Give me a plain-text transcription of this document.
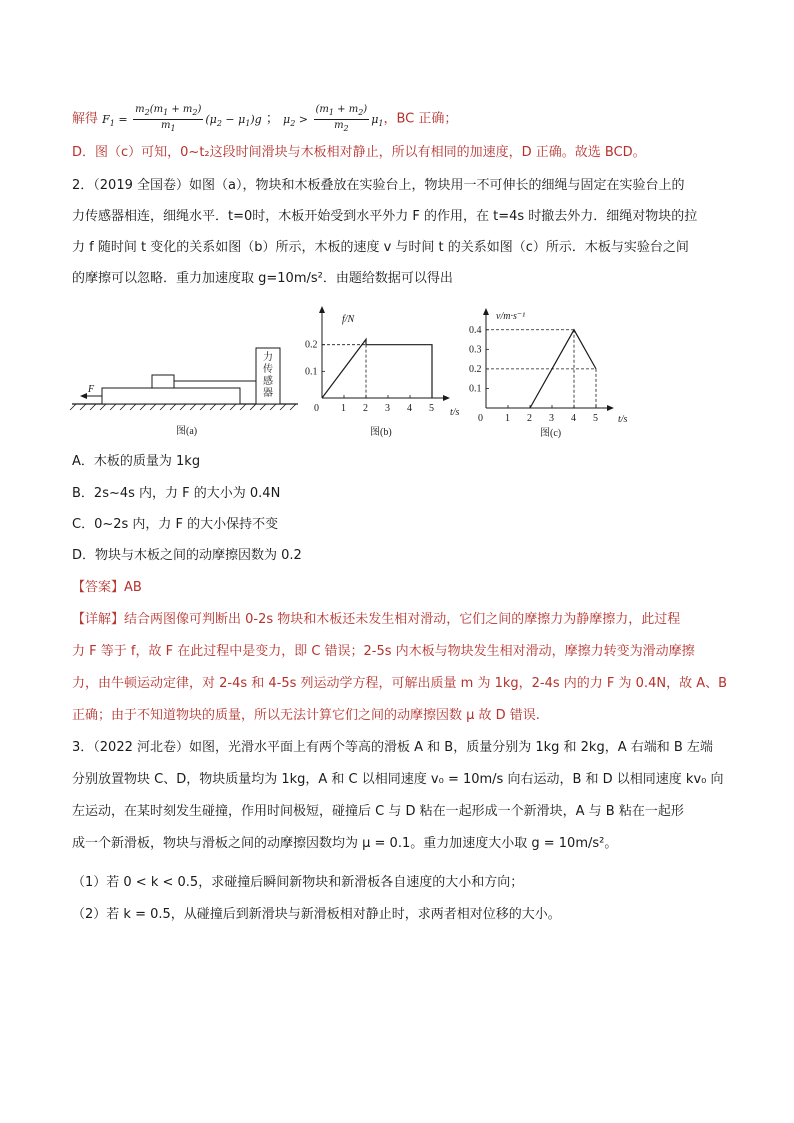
解得 $F_1 = \frac{m_2(m_1 + m_2)}{m_1} (\mu_2 - \mu_1)g$ ； $\mu_2 > \frac{(m_1 + m_2)}{m_2} \mu_1$，BC 正确；
D．图（c）可知，0~t₂这段时间滑块与木板相对静止，所以有相同的加速度，D 正确。故选 BCD。
2．（2019 全国卷）如图（a），物块和木板叠放在实验台上，物块用一不可伸长的细绳与固定在实验台上的
力传感器相连，细绳水平．t=0时，木板开始受到水平外力 F 的作用，在 t=4s 时撤去外力．细绳对物块的拉
力 f 随时间 t 变化的关系如图（b）所示，木板的速度 v 与时间 t 的关系如图（c）所示．木板与实验台之间
的摩擦可以忽略．重力加速度取 g=10m/s²．由题给数据可以得出
力
传
感
器
F
图(a)
f/N
t/s
图(b)
0 1 2 3 4 5
0.1
0.2
v/m·s⁻¹
t/s
图(c)
0 1 2 3 4 5
0.1
0.2
0.3
0.4
A．木板的质量为 1kg
B．2s~4s 内，力 F 的大小为 0.4N
C．0~2s 内，力 F 的大小保持不变
D．物块与木板之间的动摩擦因数为 0.2
【答案】AB
【详解】结合两图像可判断出 0-2s 物块和木板还未发生相对滑动，它们之间的摩擦力为静摩擦力，此过程
力 F 等于 f，故 F 在此过程中是变力，即 C 错误；2-5s 内木板与物块发生相对滑动，摩擦力转变为滑动摩擦
力，由牛顿运动定律，对 2-4s 和 4-5s 列运动学方程，可解出质量 m 为 1kg，2-4s 内的力 F 为 0.4N，故 A、B
正确；由于不知道物块的质量，所以无法计算它们之间的动摩擦因数 μ 故 D 错误.
3．（2022 河北卷）如图，光滑水平面上有两个等高的滑板 A 和 B，质量分别为 1kg 和 2kg，A 右端和 B 左端
分别放置物块 C、D，物块质量均为 1kg，A 和 C 以相同速度 v₀ = 10m/s 向右运动，B 和 D 以相同速度 kv₀ 向
左运动，在某时刻发生碰撞，作用时间极短，碰撞后 C 与 D 粘在一起形成一个新滑块，A 与 B 粘在一起形
成一个新滑板，物块与滑板之间的动摩擦因数均为 μ = 0.1。重力加速度大小取 g = 10m/s²。
（1）若 0 < k < 0.5，求碰撞后瞬间新物块和新滑板各自速度的大小和方向；
（2）若 k = 0.5，从碰撞后到新滑块与新滑板相对静止时，求两者相对位移的大小。
